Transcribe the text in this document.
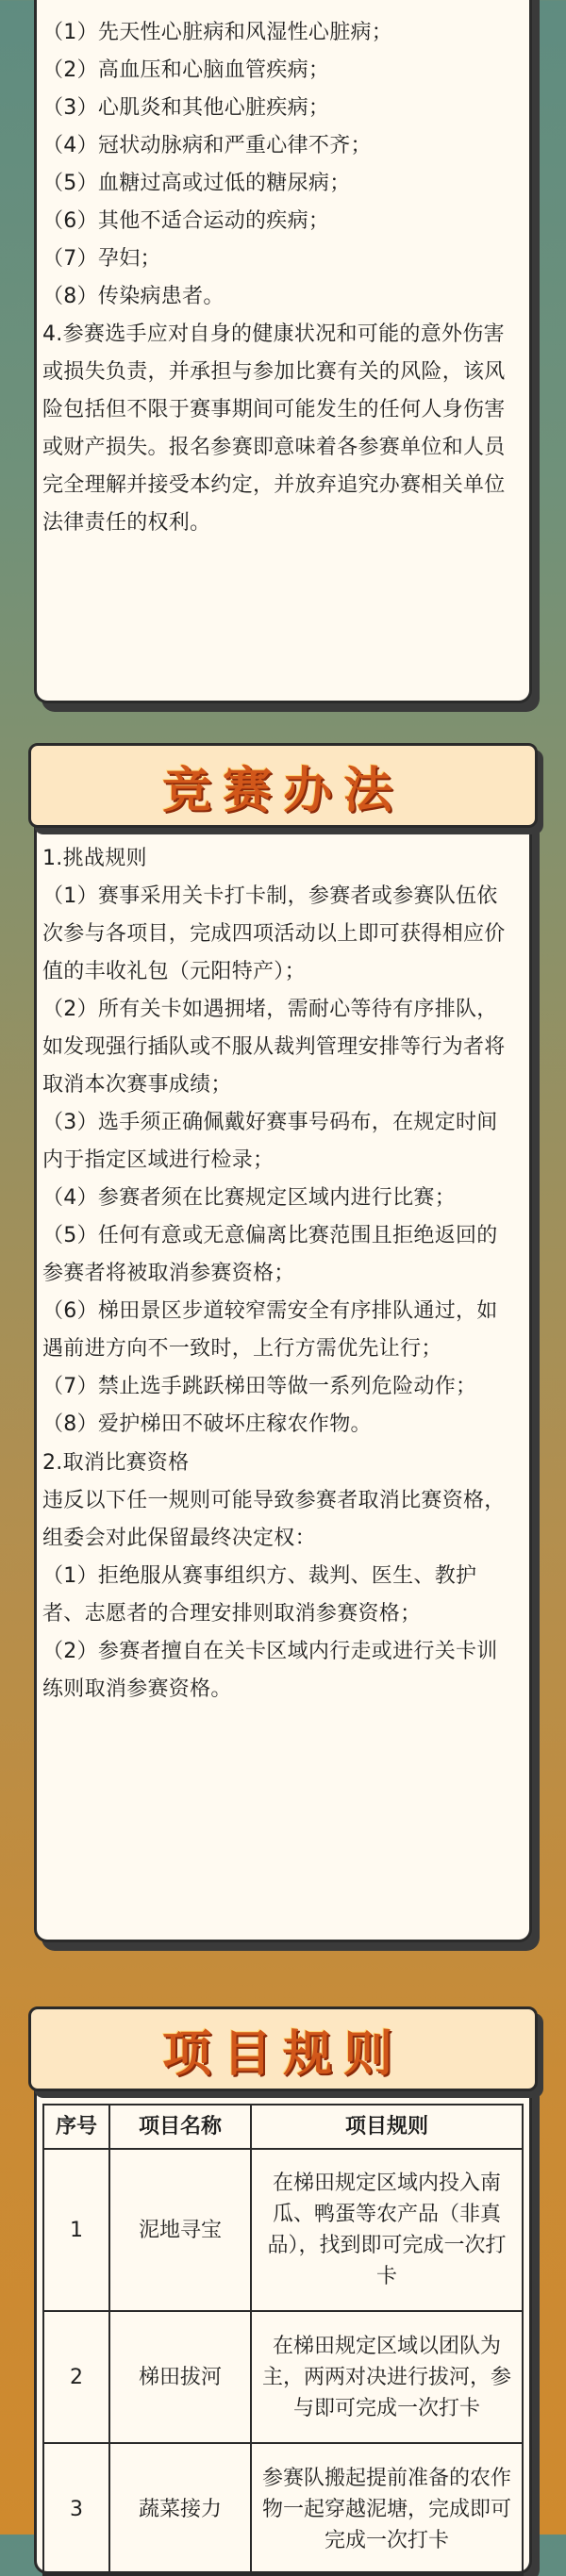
（1）先天性心脏病和风湿性心脏病；

（2）高血压和心脑血管疾病；

（3）心肌炎和其他心脏疾病；

（4）冠状动脉病和严重心律不齐；

（5）血糖过高或过低的糖尿病；

（6）其他不适合运动的疾病；

（7）孕妇；

（8）传染病患者。

4.参赛选手应对自身的健康状况和可能的意外伤害或损失负责，并承担与参加比赛有关的风险，该风险包括但不限于赛事期间可能发生的任何人身伤害或财产损失。报名参赛即意味着各参赛单位和人员完全理解并接受本约定，并放弃追究办赛相关单位法律责任的权利。

1.挑战规则

（1）赛事采用关卡打卡制，参赛者或参赛队伍依次参与各项目，完成四项活动以上即可获得相应价值的丰收礼包（元阳特产）；

（2）所有关卡如遇拥堵，需耐心等待有序排队，如发现强行插队或不服从裁判管理安排等行为者将取消本次赛事成绩；

（3）选手须正确佩戴好赛事号码布，在规定时间内于指定区域进行检录；

（4）参赛者须在比赛规定区域内进行比赛；

（5）任何有意或无意偏离比赛范围且拒绝返回的参赛者将被取消参赛资格；

（6）梯田景区步道较窄需安全有序排队通过，如遇前进方向不一致时，上行方需优先让行；

（7）禁止选手跳跃梯田等做一系列危险动作；

（8）爱护梯田不破坏庄稼农作物。

2.取消比赛资格

违反以下任一规则可能导致参赛者取消比赛资格，组委会对此保留最终决定权：

（1）拒绝服从赛事组织方、裁判、医生、教护者、志愿者的合理安排则取消参赛资格；

（2）参赛者擅自在关卡区域内行走或进行关卡训练则取消参赛资格。

竞赛办法
序号	项目名称	项目规则
1	泥地寻宝	在梯田规定区域内投入南瓜、鸭蛋等农产品（非真品），找到即可完成一次打卡
2	梯田拔河	在梯田规定区域以团队为主，两两对决进行拔河，参与即可完成一次打卡
3	蔬菜接力	参赛队搬起提前准备的农作物一起穿越泥塘，完成即可完成一次打卡
项目规则
